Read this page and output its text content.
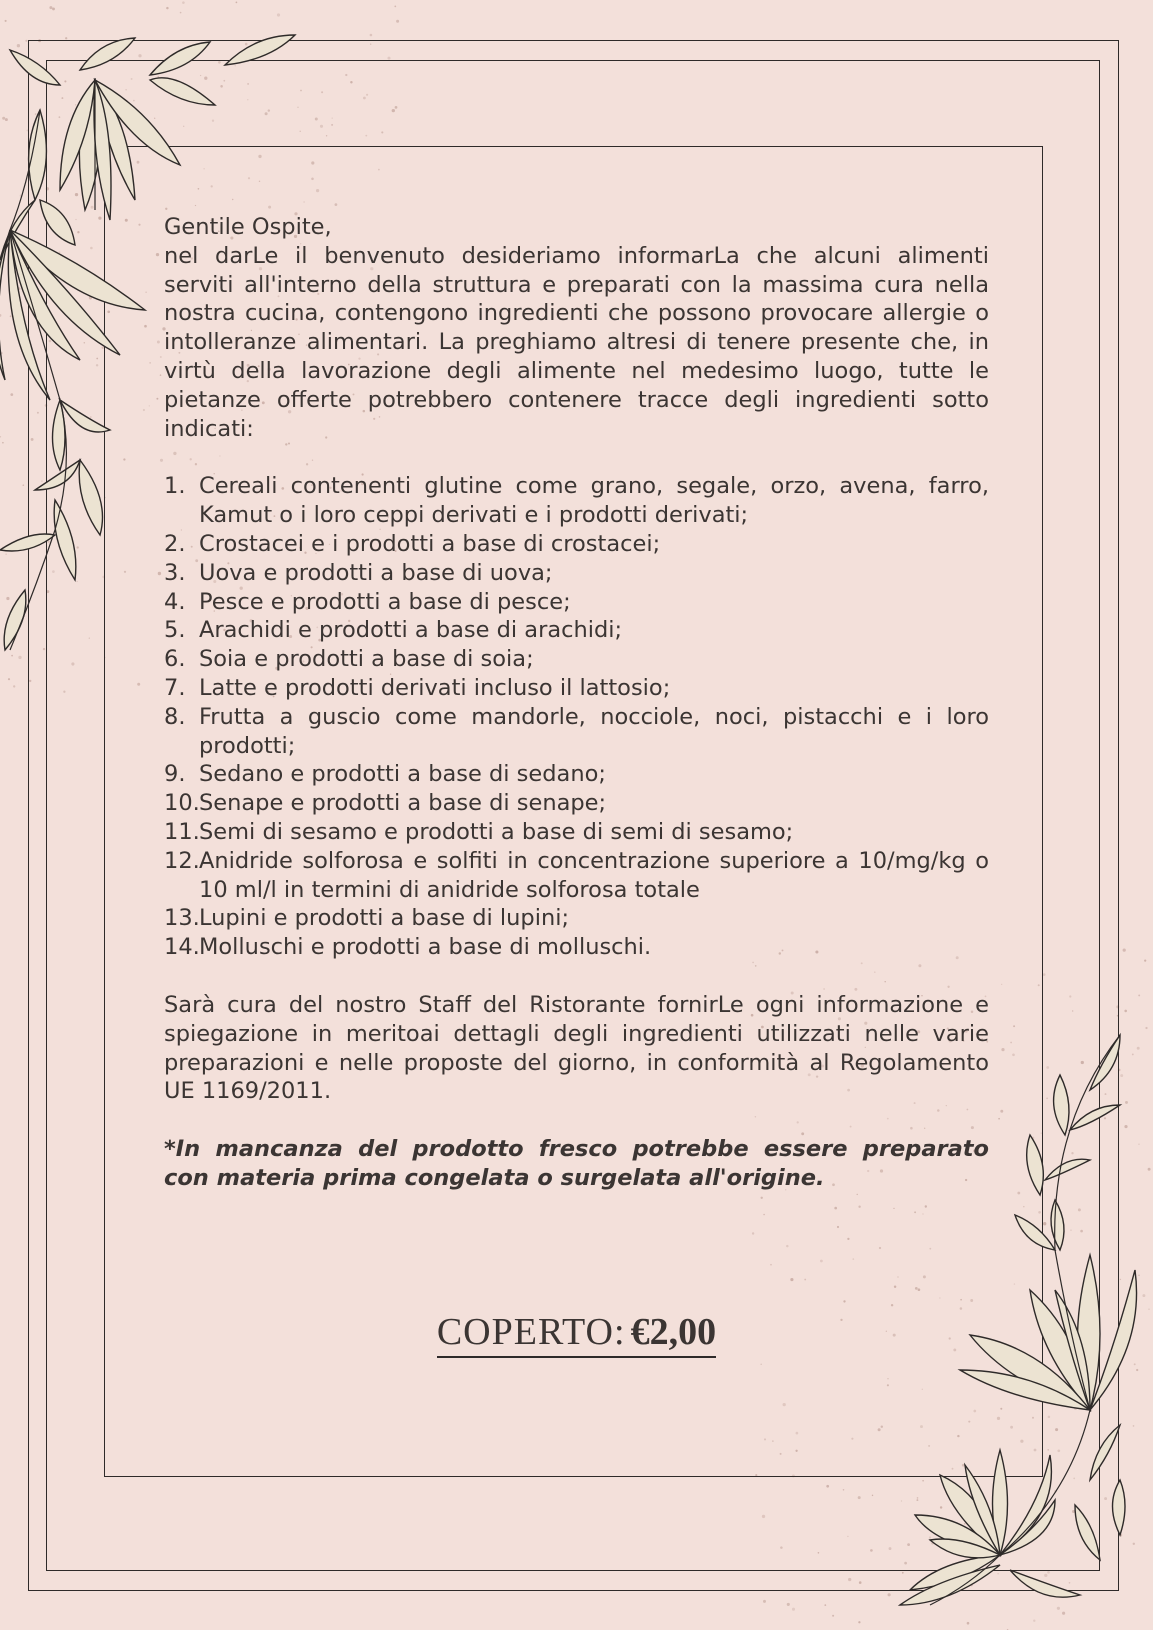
Gentile Ospite,

nel darLe il benvenuto desideriamo informarLa che alcuni alimenti serviti all'interno della struttura e preparati con la massima cura nella nostra cucina, contengono ingredienti che possono provocare allergie o intolleranze alimentari. La preghiamo altresi di tenere presente che, in virtù della lavorazione degli alimente nel medesimo luogo, tutte le pietanze offerte potrebbero contenere tracce degli ingredienti sotto indicati:

1. Cereali contenenti glutine come grano, segale, orzo, avena, farro, Kamut o i loro ceppi derivati e i prodotti derivati;
2. Crostacei e i prodotti a base di crostacei;
3. Uova e prodotti a base di uova;
4. Pesce e prodotti a base di pesce;
5. Arachidi e prodotti a base di arachidi;
6. Soia e prodotti a base di soia;
7. Latte e prodotti derivati incluso il lattosio;
8. Frutta a guscio come mandorle, nocciole, noci, pistacchi e i loro prodotti;
9. Sedano e prodotti a base di sedano;
10. Senape e prodotti a base di senape;
11. Semi di sesamo e prodotti a base di semi di sesamo;
12. Anidride solforosa e solfiti in concentrazione superiore a 10/mg/kg o 10 ml/l in termini di anidride solforosa totale
13. Lupini e prodotti a base di lupini;
14. Molluschi e prodotti a base di molluschi.

Sarà cura del nostro Staff del Ristorante fornirLe ogni informazione e spiegazione in meritoai dettagli degli ingredienti utilizzati nelle varie preparazioni e nelle proposte del giorno, in conformità al Regolamento UE 1169/2011.

*In mancanza del prodotto fresco potrebbe essere preparato con materia prima congelata o surgelata all'origine.

COPERTO: €2,00
